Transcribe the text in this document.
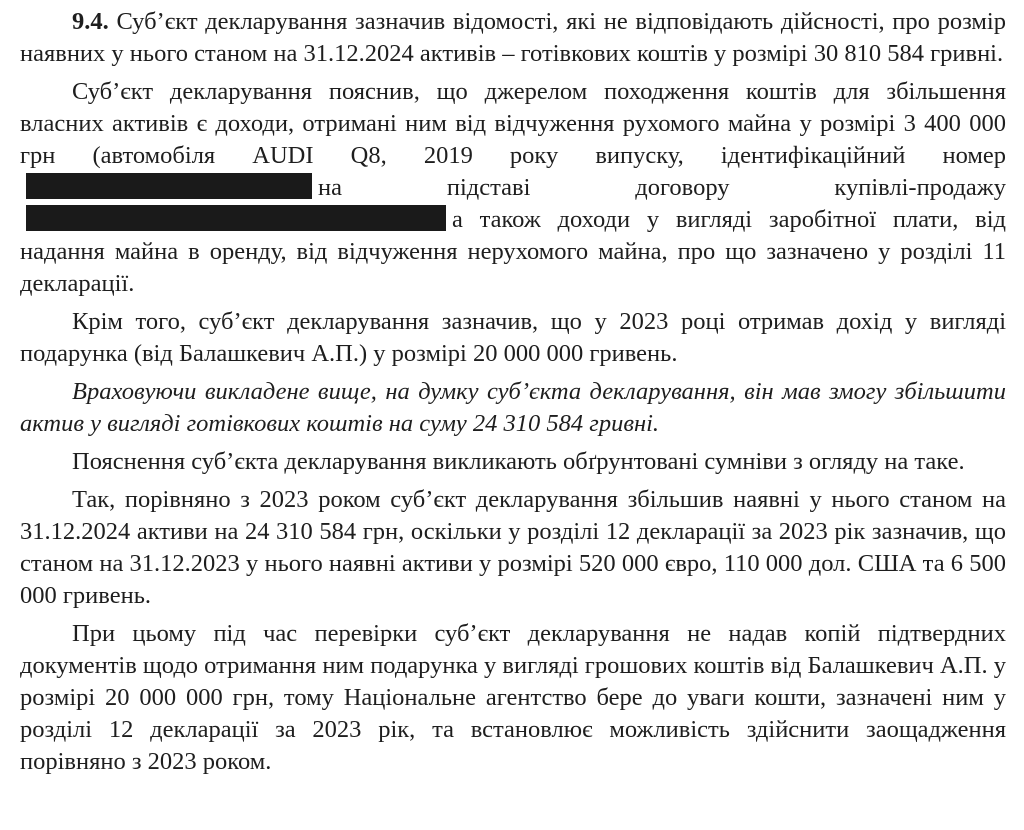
9.4. Суб’єкт декларування зазначив відомості, які не відповідають дійсності, про розмір наявних у нього станом на 31.12.2024 активів – готівкових коштів у розмірі 30 810 584 гривні.

Суб’єкт декларування пояснив, що джерелом походження коштів для збільшення власних активів є доходи, отримані ним від відчуження рухомого майна у розмірі 3 400 000 грн (автомобіля AUDI Q8, 2019 року випуску, ідентифікаційний номерна підставі договору купівлі-продажуа також доходи у вигляді заробітної плати, від надання майна в оренду, від відчуження нерухомого майна, про що зазначено у розділі 11 декларації.

Крім того, суб’єкт декларування зазначив, що у 2023 році отримав дохід у вигляді подарунка (від Балашкевич А.П.) у розмірі 20 000 000 гривень.

Враховуючи викладене вище, на думку суб’єкта декларування, він мав змогу збільшити актив у вигляді готівкових коштів на суму 24 310 584 гривні.

Пояснення суб’єкта декларування викликають обґрунтовані сумніви з огляду на таке.

Так, порівняно з 2023 роком суб’єкт декларування збільшив наявні у нього станом на 31.12.2024 активи на 24 310 584 грн, оскільки у розділі 12 декларації за 2023 рік зазначив, що станом на 31.12.2023 у нього наявні активи у розмірі 520 000 євро, 110 000 дол. США та 6 500 000 гривень.

При цьому під час перевірки суб’єкт декларування не надав копій підтвердних документів щодо отримання ним подарунка у вигляді грошових коштів від Балашкевич А.П. у розмірі 20 000 000 грн, тому Національне агентство бере до уваги кошти, зазначені ним у розділі 12 декларації за 2023 рік, та встановлює можливість здійснити заощадження порівняно з 2023 роком.
